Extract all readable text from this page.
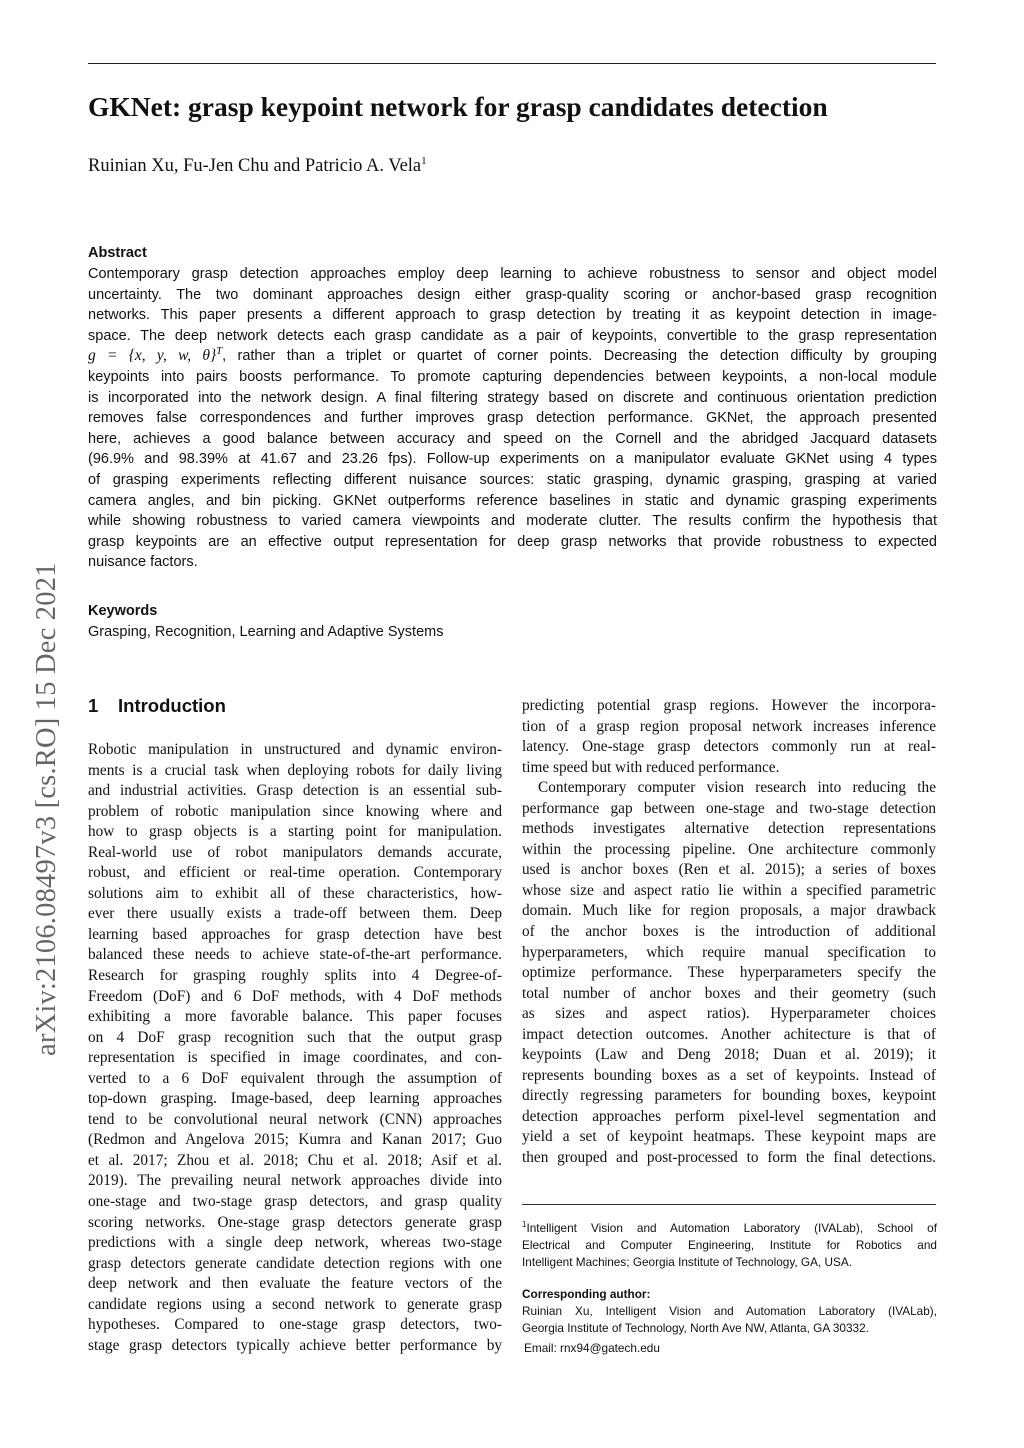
GKNet: grasp keypoint network for grasp candidates detection
Ruinian Xu, Fu-Jen Chu and Patricio A. Vela$^1$
arXiv:2106.08497v3 [cs.RO] 15 Dec 2021
Abstract
Contemporary grasp detection approaches employ deep learning to achieve robustness to sensor and object model
uncertainty. The two dominant approaches design either grasp-quality scoring or anchor-based grasp recognition
networks. This paper presents a different approach to grasp detection by treating it as keypoint detection in image-
space. The deep network detects each grasp candidate as a pair of keypoints, convertible to the grasp representation
g = {x, y, w, θ}$^T$, rather than a triplet or quartet of corner points. Decreasing the detection difficulty by grouping
keypoints into pairs boosts performance. To promote capturing dependencies between keypoints, a non-local module
is incorporated into the network design. A final filtering strategy based on discrete and continuous orientation prediction
removes false correspondences and further improves grasp detection performance. GKNet, the approach presented
here, achieves a good balance between accuracy and speed on the Cornell and the abridged Jacquard datasets
(96.9% and 98.39% at 41.67 and 23.26 fps). Follow-up experiments on a manipulator evaluate GKNet using 4 types
of grasping experiments reflecting different nuisance sources: static grasping, dynamic grasping, grasping at varied
camera angles, and bin picking. GKNet outperforms reference baselines in static and dynamic grasping experiments
while showing robustness to varied camera viewpoints and moderate clutter. The results confirm the hypothesis that
grasp keypoints are an effective output representation for deep grasp networks that provide robustness to expected
nuisance factors.
Keywords
Grasping, Recognition, Learning and Adaptive Systems
1 Introduction
Robotic manipulation in unstructured and dynamic environ-
ments is a crucial task when deploying robots for daily living
and industrial activities. Grasp detection is an essential sub-
problem of robotic manipulation since knowing where and
how to grasp objects is a starting point for manipulation.
Real-world use of robot manipulators demands accurate,
robust, and efficient or real-time operation. Contemporary
solutions aim to exhibit all of these characteristics, how-
ever there usually exists a trade-off between them. Deep
learning based approaches for grasp detection have best
balanced these needs to achieve state-of-the-art performance.
Research for grasping roughly splits into 4 Degree-of-
Freedom (DoF) and 6 DoF methods, with 4 DoF methods
exhibiting a more favorable balance. This paper focuses
on 4 DoF grasp recognition such that the output grasp
representation is specified in image coordinates, and con-
verted to a 6 DoF equivalent through the assumption of
top-down grasping. Image-based, deep learning approaches
tend to be convolutional neural network (CNN) approaches
(Redmon and Angelova 2015; Kumra and Kanan 2017; Guo
et al. 2017; Zhou et al. 2018; Chu et al. 2018; Asif et al.
2019). The prevailing neural network approaches divide into
one-stage and two-stage grasp detectors, and grasp quality
scoring networks. One-stage grasp detectors generate grasp
predictions with a single deep network, whereas two-stage
grasp detectors generate candidate detection regions with one
deep network and then evaluate the feature vectors of the
candidate regions using a second network to generate grasp
hypotheses. Compared to one-stage grasp detectors, two-
stage grasp detectors typically achieve better performance by
predicting potential grasp regions. However the incorpora-
tion of a grasp region proposal network increases inference
latency. One-stage grasp detectors commonly run at real-
time speed but with reduced performance.
Contemporary computer vision research into reducing the
performance gap between one-stage and two-stage detection
methods investigates alternative detection representations
within the processing pipeline. One architecture commonly
used is anchor boxes (Ren et al. 2015); a series of boxes
whose size and aspect ratio lie within a specified parametric
domain. Much like for region proposals, a major drawback
of the anchor boxes is the introduction of additional
hyperparameters, which require manual specification to
optimize performance. These hyperparameters specify the
total number of anchor boxes and their geometry (such
as sizes and aspect ratios). Hyperparameter choices
impact detection outcomes. Another achitecture is that of
keypoints (Law and Deng 2018; Duan et al. 2019); it
represents bounding boxes as a set of keypoints. Instead of
directly regressing parameters for bounding boxes, keypoint
detection approaches perform pixel-level segmentation and
yield a set of keypoint heatmaps. These keypoint maps are
then grouped and post-processed to form the final detections.
$^1$Intelligent Vision and Automation Laboratory (IVALab), School of
Electrical and Computer Engineering, Institute for Robotics and
Intelligent Machines; Georgia Institute of Technology, GA, USA.
Corresponding author:
Ruinian Xu, Intelligent Vision and Automation Laboratory (IVALab),
Georgia Institute of Technology, North Ave NW, Atlanta, GA 30332.
Email: rnx94@gatech.edu
